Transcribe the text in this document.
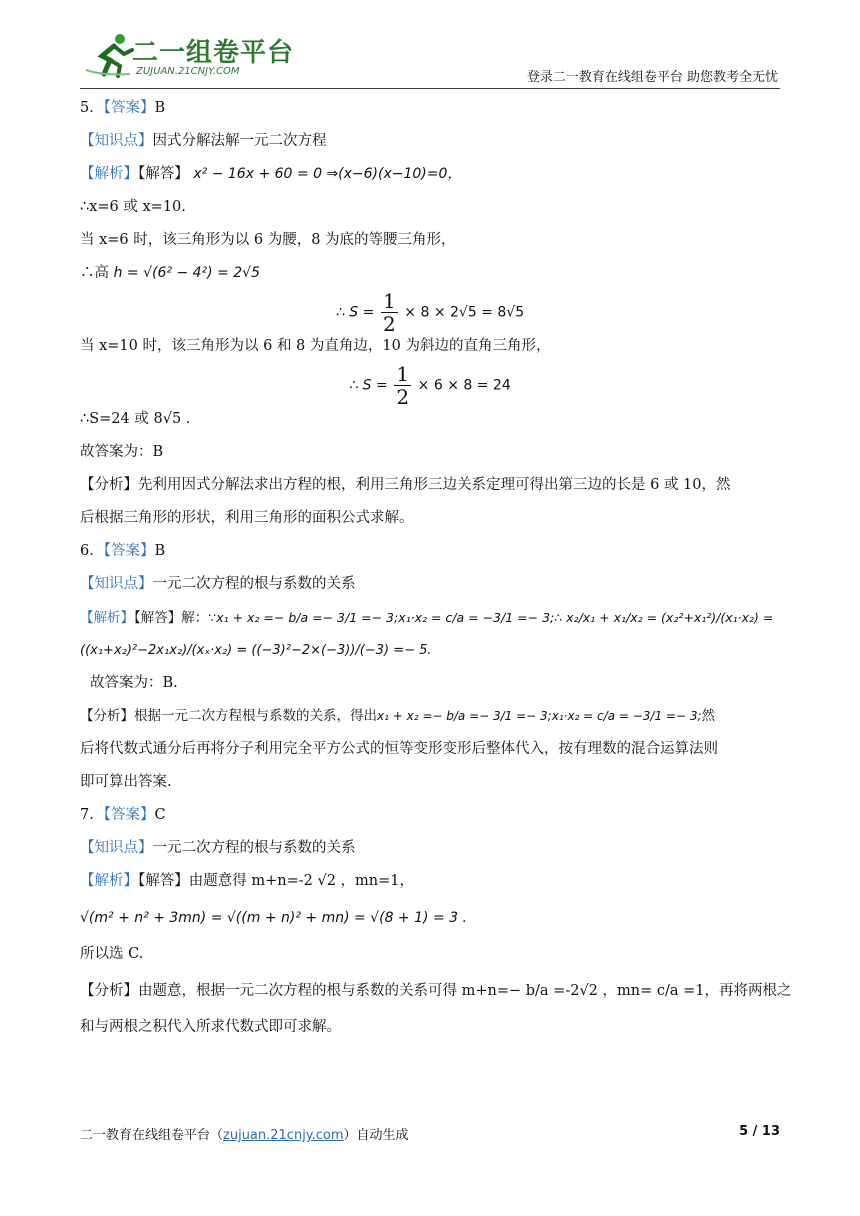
二一组卷平台
ZUJUAN.21CNJY.COM	登录二一教育在线组卷平台 助您教考全无忧
5．【答案】B
【知识点】因式分解法解一元二次方程
【解析】【解答】 x² − 16x + 60 = 0 ⇒(x−6)(x−10)=0，
∴x=6 或 x=10.
当 x=6 时，该三角形为以 6 为腰，8 为底的等腰三角形，
∴高 h = √(6² − 4²) = 2√5
∴ $S = \frac{1}{2} \times 8 \times 2√5 = 8√5$
当 x=10 时，该三角形为以 6 和 8 为直角边，10 为斜边的直角三角形，
∴ $S = \frac{1}{2} \times 6 \times 8 = 24$
∴S=24 或 8√5 .
故答案为：B
【分析】先利用因式分解法求出方程的根，利用三角形三边关系定理可得出第三边的长是 6 或 10，然
后根据三角形的形状，利用三角形的面积公式求解。
6．【答案】B
【知识点】一元二次方程的根与系数的关系
【解析】【解答】解：∵x₁ + x₂ =− b/a =− 3/1 =− 3;x₁·x₂ = c/a = −3/1 =− 3;∴ x₂/x₁ + x₁/x₂ = (x₂²+x₁²)/(x₁·x₂) =
((x₁+x₂)²−2x₁x₂)/(xₓ·x₂) = ((−3)²−2×(−3))/(−3) =− 5.
故答案为：B.
【分析】根据一元二次方程根与系数的关系，得出x₁ + x₂ =− b/a =− 3/1 =− 3;x₁·x₂ = c/a = −3/1 =− 3;然
后将代数式通分后再将分子利用完全平方公式的恒等变形变形后整体代入，按有理数的混合运算法则
即可算出答案.
7．【答案】C
【知识点】一元二次方程的根与系数的关系
【解析】【解答】由题意得 m+n=-2 √2 ，mn=1，
√(m² + n² + 3mn) = √((m + n)² + mn) = √(8 + 1) = 3 .
所以选 C.
【分析】由题意，根据一元二次方程的根与系数的关系可得 m+n=− b/a =-2√2 ，mn= c/a =1，再将两根之
和与两根之积代入所求代数式即可求解。
二一教育在线组卷平台（zujuan.21cnjy.com）自动生成	5 / 13
